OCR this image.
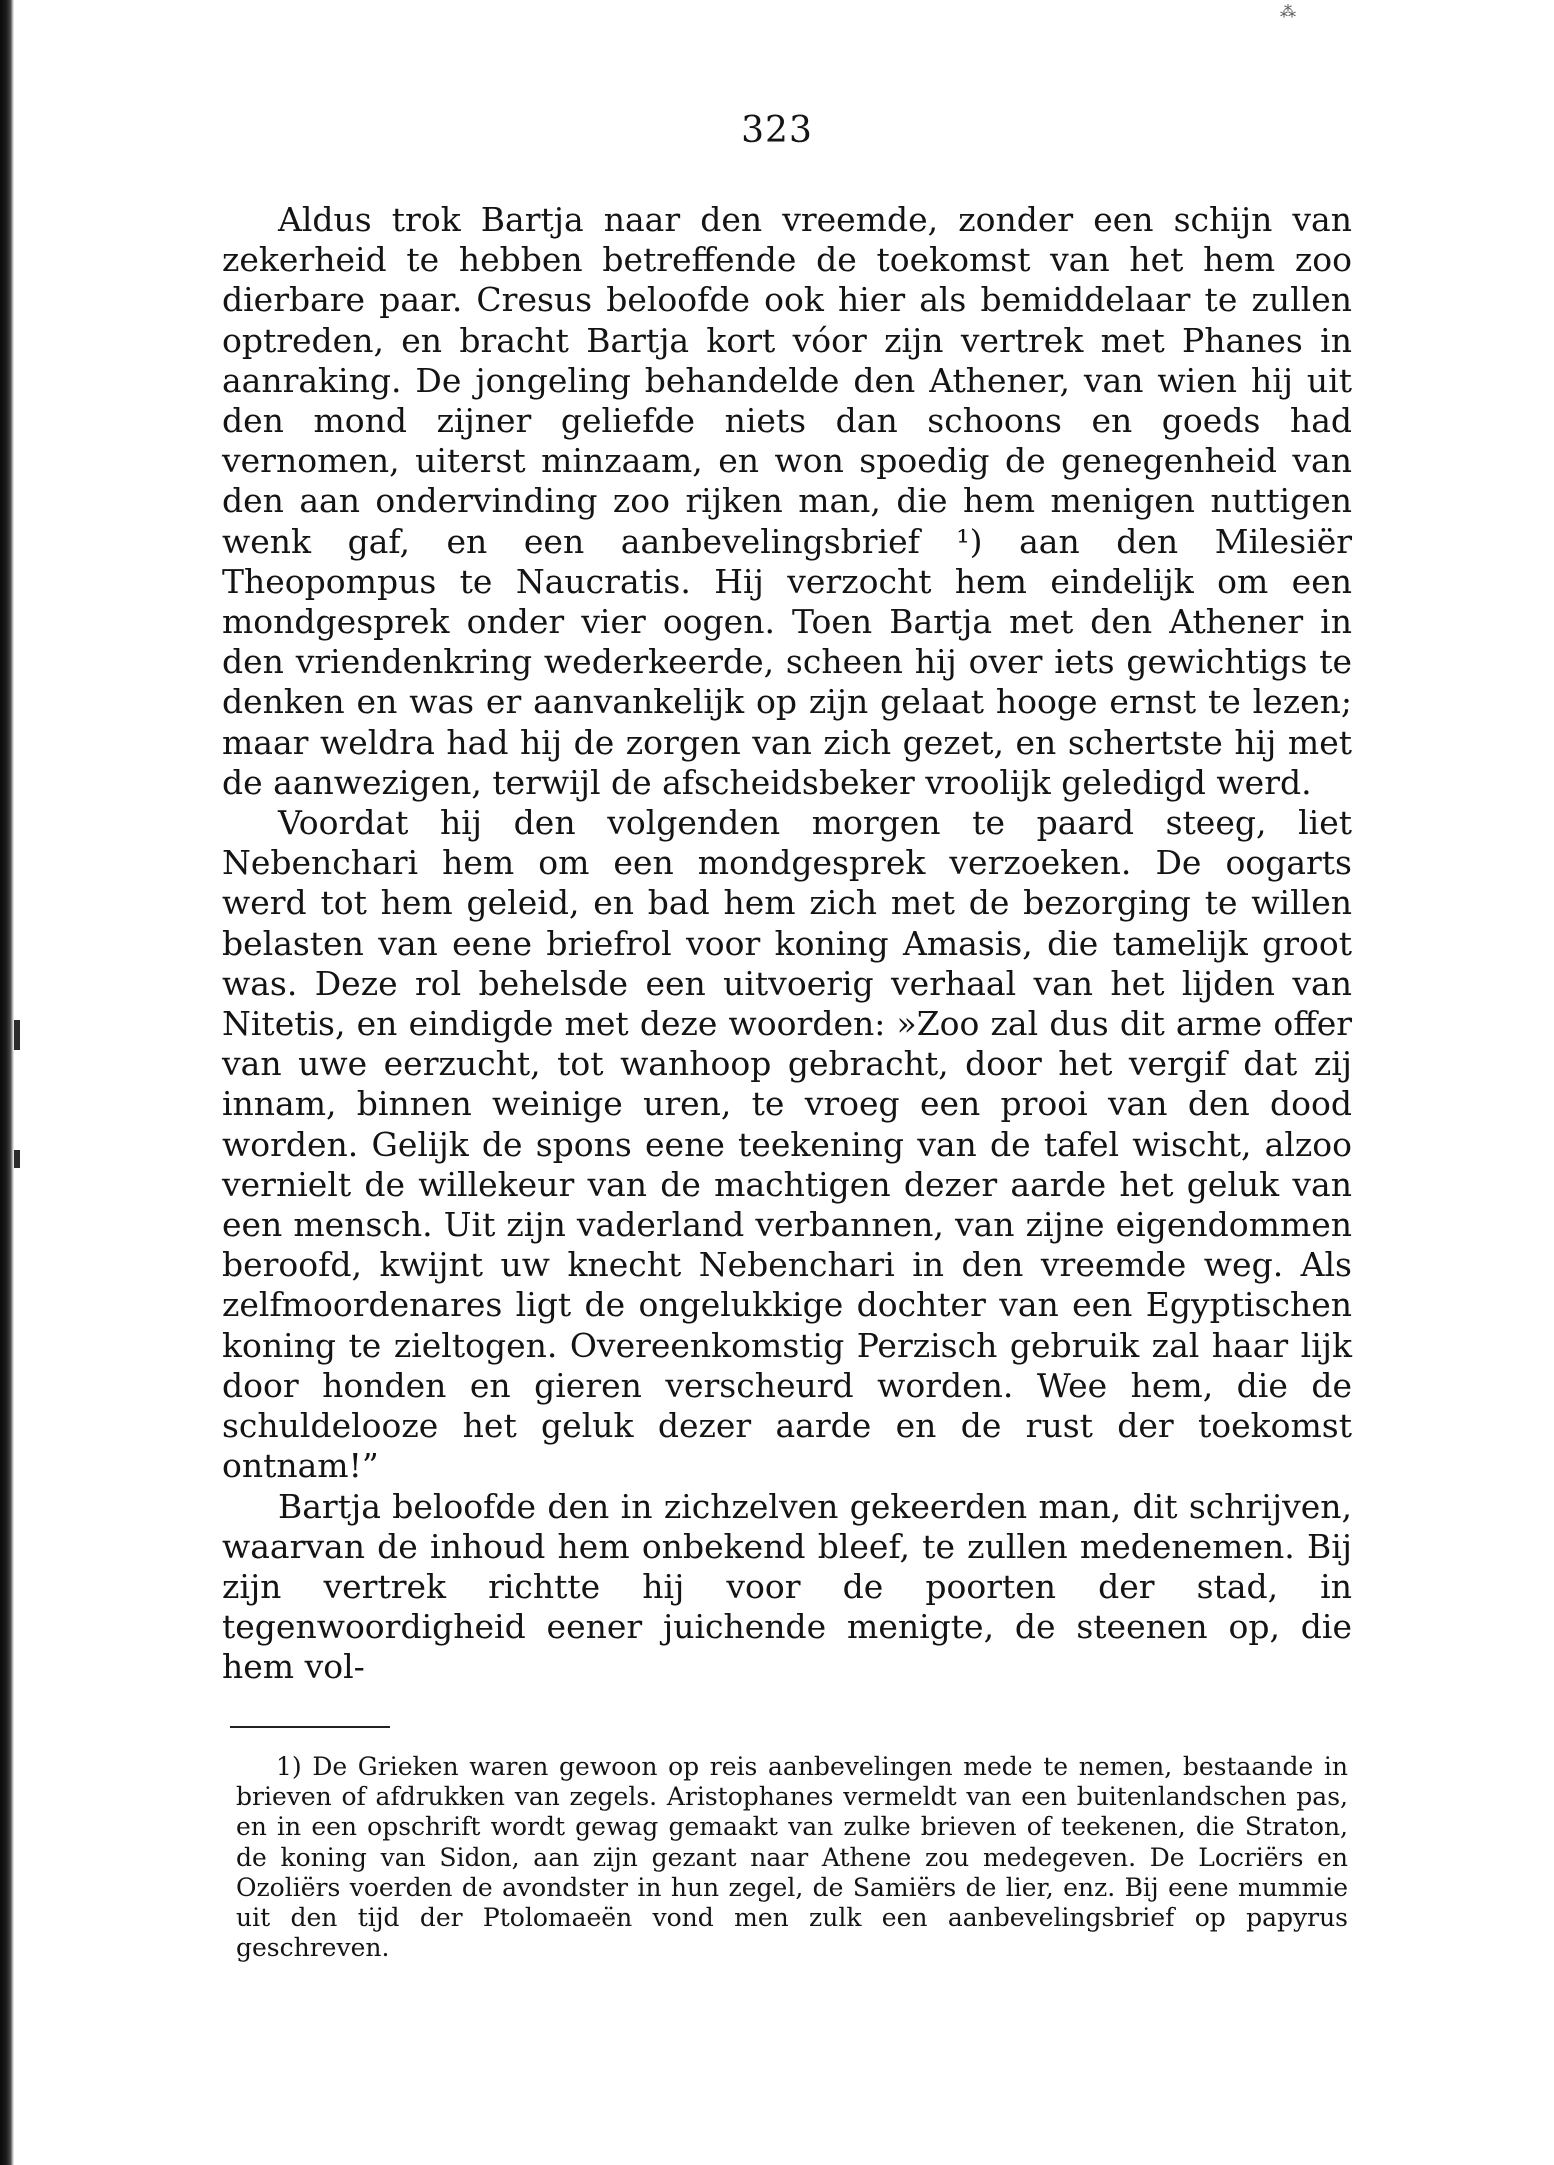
⁂
323

Aldus trok Bartja naar den vreemde, zonder een schijn van zekerheid te hebben betreffende de toekomst van het hem zoo dierbare paar. Cresus beloofde ook hier als bemiddelaar te zullen optreden, en bracht Bartja kort vóor zijn vertrek met Phanes in aanraking. De jongeling behandelde den Athener, van wien hij uit den mond zijner geliefde niets dan schoons en goeds had vernomen, uiterst minzaam, en won spoedig de genegenheid van den aan ondervinding zoo rijken man, die hem menigen nuttigen wenk gaf, en een aanbevelingsbrief ¹) aan den Milesiër Theopompus te Naucratis. Hij verzocht hem eindelijk om een mondgesprek onder vier oogen. Toen Bartja met den Athener in den vriendenkring wederkeerde, scheen hij over iets gewichtigs te denken en was er aanvankelijk op zijn gelaat hooge ernst te lezen; maar weldra had hij de zorgen van zich gezet, en schertste hij met de aanwezigen, terwijl de afscheidsbeker vroolijk geledigd werd.

Voordat hij den volgenden morgen te paard steeg, liet Nebenchari hem om een mondgesprek verzoeken. De oogarts werd tot hem geleid, en bad hem zich met de bezorging te willen belasten van eene briefrol voor koning Amasis, die tamelijk groot was. Deze rol behelsde een uitvoerig verhaal van het lijden van Nitetis, en eindigde met deze woorden: »Zoo zal dus dit arme offer van uwe eerzucht, tot wanhoop gebracht, door het vergif dat zij innam, binnen weinige uren, te vroeg een prooi van den dood worden. Gelijk de spons eene teekening van de tafel wischt, alzoo vernielt de willekeur van de machtigen dezer aarde het geluk van een mensch. Uit zijn vaderland verbannen, van zijne eigendommen beroofd, kwijnt uw knecht Nebenchari in den vreemde weg. Als zelfmoordenares ligt de ongelukkige dochter van een Egyptischen koning te zieltogen. Overeenkomstig Perzisch gebruik zal haar lijk door honden en gieren verscheurd worden. Wee hem, die de schuldelooze het geluk dezer aarde en de rust der toekomst ontnam!”

Bartja beloofde den in zichzelven gekeerden man, dit schrijven, waarvan de inhoud hem onbekend bleef, te zullen medenemen. Bij zijn vertrek richtte hij voor de poorten der stad, in tegenwoordigheid eener juichende menigte, de steenen op, die hem vol-

1) De Grieken waren gewoon op reis aanbevelingen mede te nemen, bestaande in brieven of afdrukken van zegels. Aristophanes vermeldt van een buitenlandschen pas, en in een opschrift wordt gewag gemaakt van zulke brieven of teekenen, die Straton, de koning van Sidon, aan zijn gezant naar Athene zou medegeven. De Locriërs en Ozoliërs voerden de avondster in hun zegel, de Samiërs de lier, enz. Bij eene mummie uit den tijd der Ptolomaeën vond men zulk een aanbevelingsbrief op papyrus geschreven.
